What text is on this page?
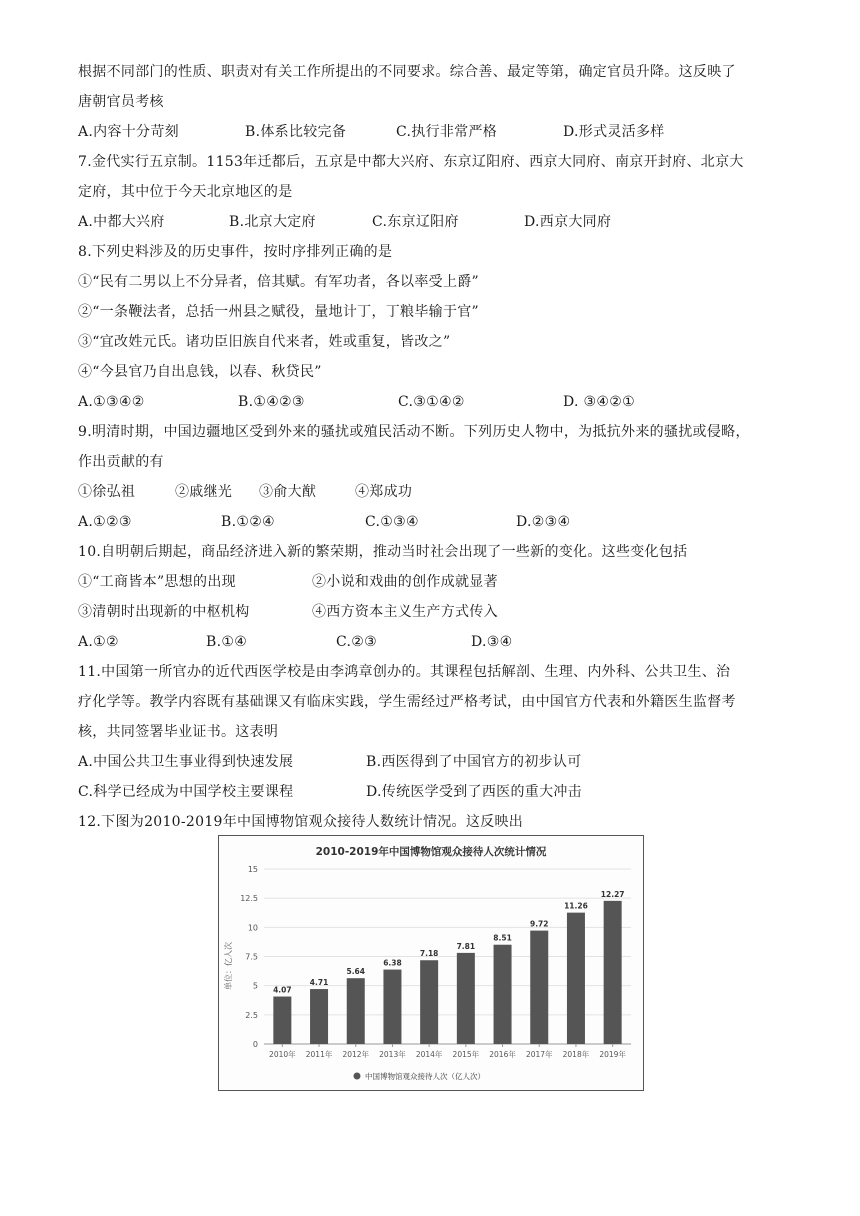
根据不同部门的性质、职责对有关工作所提出的不同要求。综合善、最定等第，确定官员升降。这反映了
唐朝官员考核
A.内容十分苛刻	B.体系比较完备	C.执行非常严格	D.形式灵活多样
7.金代实行五京制。1153年迁都后，五京是中都大兴府、东京辽阳府、西京大同府、南京开封府、北京大
定府，其中位于今天北京地区的是
A.中都大兴府	B.北京大定府	C.东京辽阳府	D.西京大同府
8.下列史料涉及的历史事件，按时序排列正确的是
①“民有二男以上不分异者，倍其赋。有军功者，各以率受上爵”
②“一条鞭法者，总括一州县之赋役，量地计丁，丁粮毕输于官”
③“宜改姓元氏。诸功臣旧族自代来者，姓或重复，皆改之”
④“今县官乃自出息钱，以春、秋贷民”
A.①③④②	B.①④②③	C.③①④②	D. ③④②①
9.明清时期，中国边疆地区受到外来的骚扰或殖民活动不断。下列历史人物中，为抵抗外来的骚扰或侵略，
作出贡献的有
①徐弘祖	②戚继光	③俞大猷	④郑成功
A.①②③	B.①②④	C.①③④	D.②③④
10.自明朝后期起，商品经济进入新的繁荣期，推动当时社会出现了一些新的变化。这些变化包括
①“工商皆本”思想的出现	②小说和戏曲的创作成就显著
③清朝时出现新的中枢机构	④西方资本主义生产方式传入
A.①②	B.①④	C.②③	D.③④
11.中国第一所官办的近代西医学校是由李鸿章创办的。其课程包括解剖、生理、内外科、公共卫生、治
疗化学等。教学内容既有基础课又有临床实践，学生需经过严格考试，由中国官方代表和外籍医生监督考
核，共同签署毕业证书。这表明
A.中国公共卫生事业得到快速发展	B.西医得到了中国官方的初步认可
C.科学已经成为中国学校主要课程	D.传统医学受到了西医的重大冲击
12.下图为2010-2019年中国博物馆观众接待人数统计情况。这反映出
2010-2019年中国博物馆观众接待人次统计情况
单位：亿人次
0
2.5
5
7.5
10
12.5
15
4.07
4.71
5.64
6.38
7.18
7.81
8.51
9.72
11.26
12.27
2010年 2011年 2012年 2013年 2014年 2015年 2016年 2017年 2018年 2019年
中国博物馆观众接待人次（亿人次）
